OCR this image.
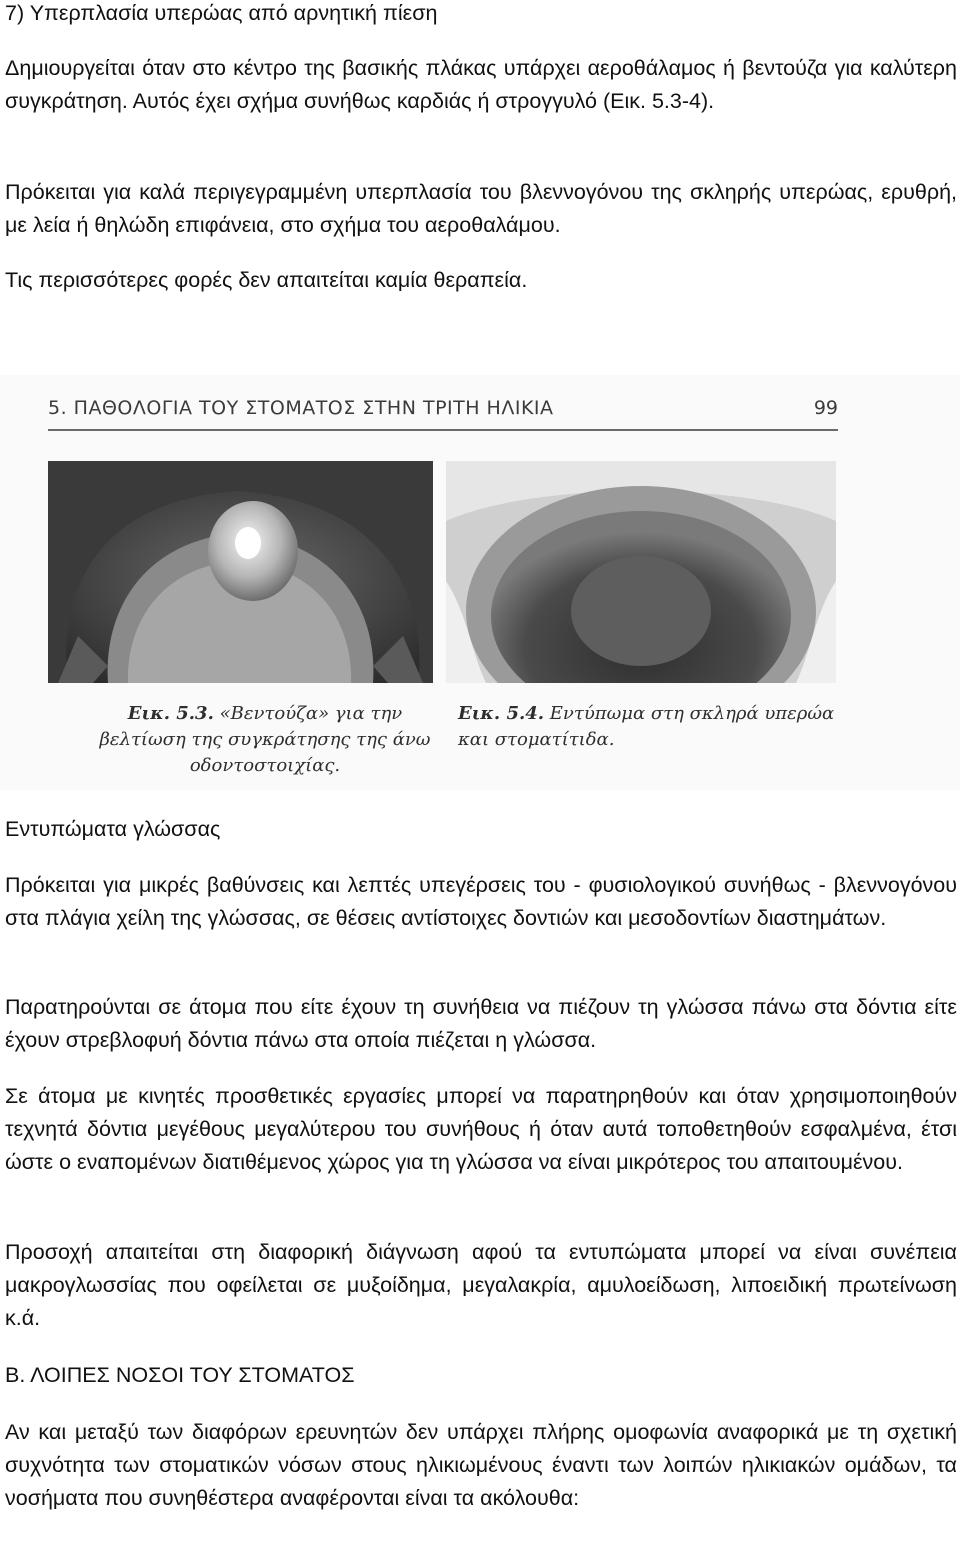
7) Υπερπλασία υπερώας από αρνητική πίεση

Δημιουργείται όταν στο κέντρο της βασικής πλάκας υπάρχει αεροθάλαμος ή βεντούζα για καλύτερη συγκράτηση. Αυτός έχει σχήμα συνήθως καρδιάς ή στρογγυλό (Εικ. 5.3-4).

Πρόκειται για καλά περιγεγραμμένη υπερπλασία του βλεννογόνου της σκληρής υπερώας, ερυθρή, με λεία ή θηλώδη επιφάνεια, στο σχήμα του αεροθαλάμου.

Τις περισσότερες φορές δεν απαιτείται καμία θεραπεία.

5. ΠΑΘΟΛΟΓΙΑ ΤΟΥ ΣΤΟΜΑΤΟΣ ΣΤΗΝ ΤΡΙΤΗ ΗΛΙΚΙΑ	99
Εικ. 5.3. «Βεντούζα» για την βελτίωση της συγκράτησης της άνω οδοντοστοιχίας.
Εικ. 5.4. Εντύπωμα στη σκληρά υπερώα και στοματίτιδα.
Εντυπώματα γλώσσας

Πρόκειται για μικρές βαθύνσεις και λεπτές υπεγέρσεις του - φυσιολογικού συνήθως - βλεννογόνου στα πλάγια χείλη της γλώσσας, σε θέσεις αντίστοιχες δοντιών και μεσοδοντίων διαστημάτων.

Παρατηρούνται σε άτομα που είτε έχουν τη συνήθεια να πιέζουν τη γλώσσα πάνω στα δόντια είτε έχουν στρεβλοφυή δόντια πάνω στα οποία πιέζεται η γλώσσα.

Σε άτομα με κινητές προσθετικές εργασίες μπορεί να παρατηρηθούν και όταν χρησιμοποιηθούν τεχνητά δόντια μεγέθους μεγαλύτερου του συνήθους ή όταν αυτά τοποθετηθούν εσφαλμένα, έτσι ώστε ο εναπομένων διατιθέμενος χώρος για τη γλώσσα να είναι μικρότερος του απαιτουμένου.

Προσοχή απαιτείται στη διαφορική διάγνωση αφού τα εντυπώματα μπορεί να είναι συνέπεια μακρογλωσσίας που οφείλεται σε μυξοίδημα, μεγαλακρία, αμυλοείδωση, λιποειδική πρωτείνωση κ.ά.

Β. ΛΟΙΠΕΣ ΝΟΣΟΙ ΤΟΥ ΣΤΟΜΑΤΟΣ

Αν και μεταξύ των διαφόρων ερευνητών δεν υπάρχει πλήρης ομοφωνία αναφορικά με τη σχετική συχνότητα των στοματικών νόσων στους ηλικιωμένους έναντι των λοιπών ηλικιακών ομάδων, τα νοσήματα που συνηθέστερα αναφέρονται είναι τα ακόλουθα:
